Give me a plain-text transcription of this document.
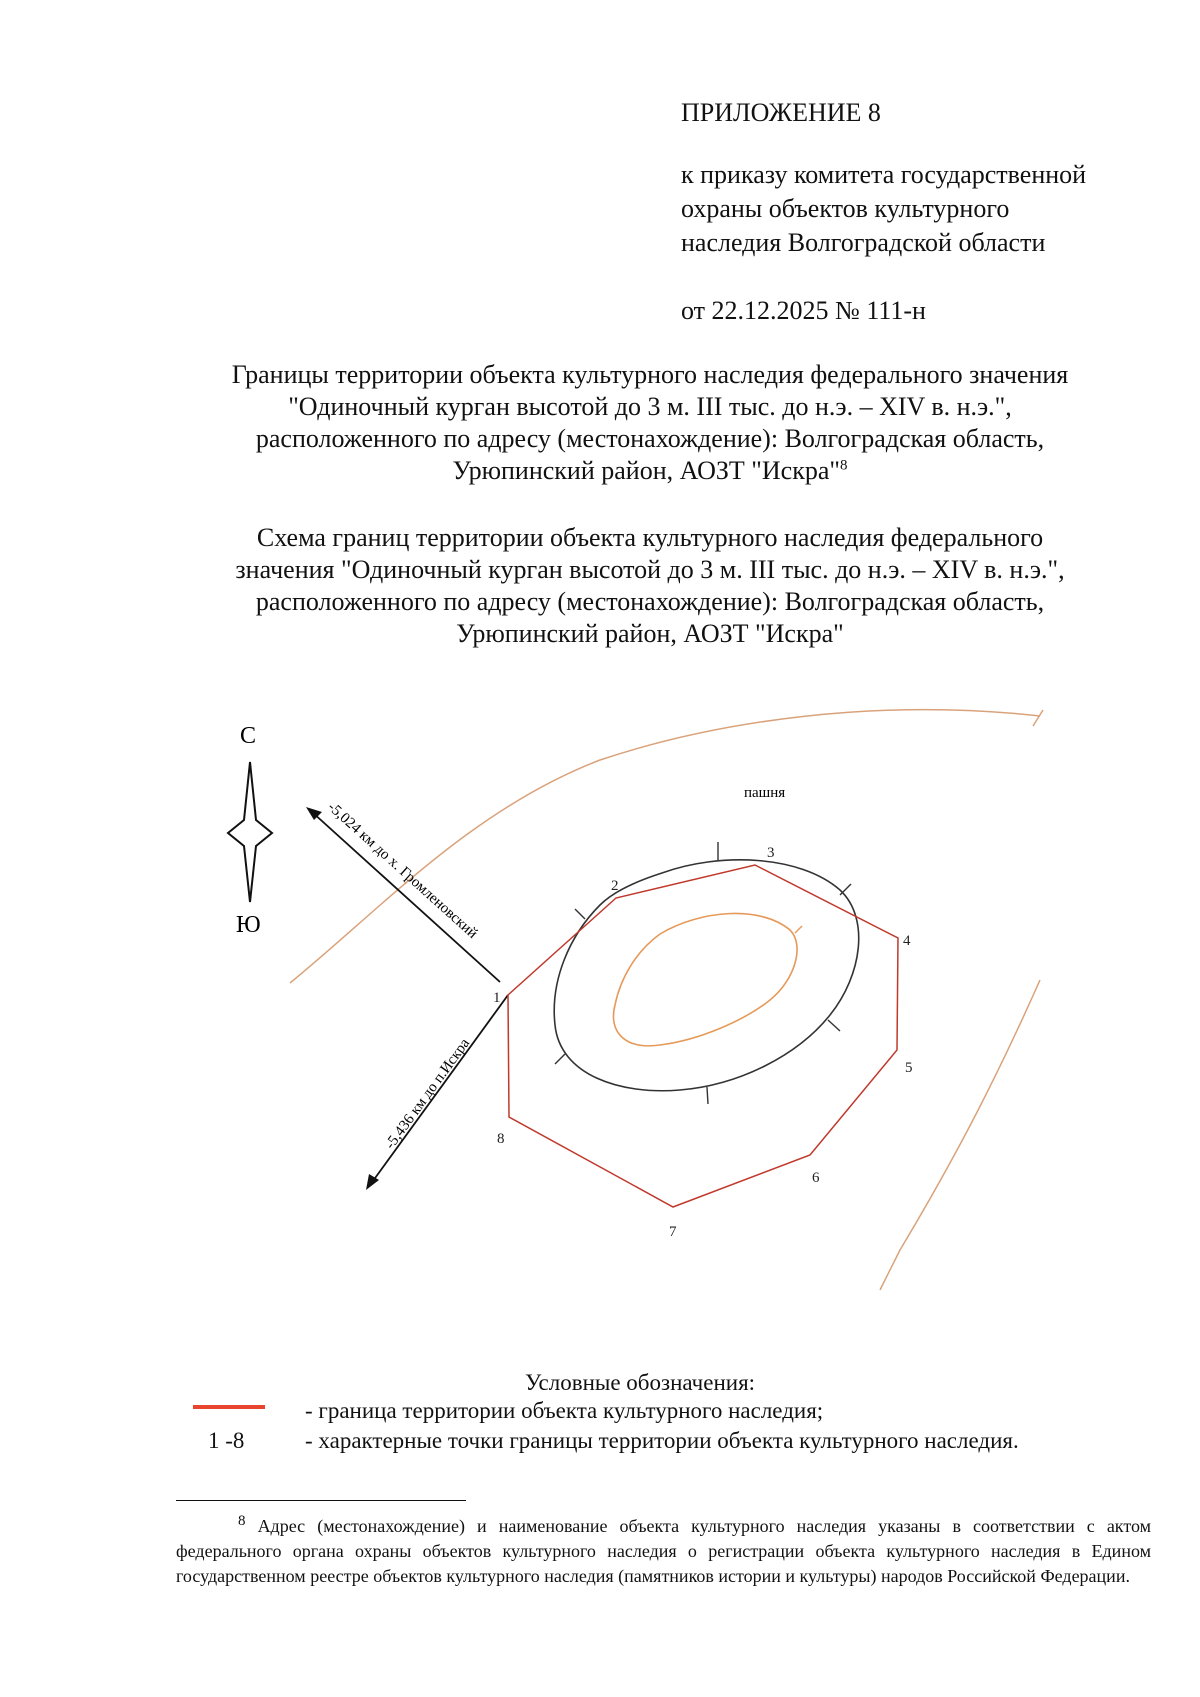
ПРИЛОЖЕНИЕ 8

к приказу комитета государственной

охраны объектов культурного

наследия Волгоградской области

от 22.12.2025 № 111-н

Границы территории объекта культурного наследия федерального значения

"Одиночный курган высотой до 3 м. III тыс. до н.э. – XIV в. н.э.",

расположенного по адресу (местонахождение): Волгоградская область,

Урюпинский район, АОЗТ "Искра"$^8$

Схема границ территории объекта культурного наследия федерального

значения "Одиночный курган высотой до 3 м. III тыс. до н.э. – XIV в. н.э.",

расположенного по адресу (местонахождение): Волгоградская область,

Урюпинский район, АОЗТ "Искра"

С
Ю
пашня
-5,024 км до х. Громленовский
-5,436 км до п.Искра
1
2
3
4
5
6
7
8
Условные обозначения:
- граница территории объекта культурного наследия;
1 -8	- характерные точки границы территории объекта культурного наследия.
$^8$ Адрес (местонахождение) и наименование объекта культурного наследия указаны в соответствии с актом федерального органа охраны объектов культурного наследия о регистрации объекта культурного наследия в Едином государственном реестре объектов культурного наследия (памятников истории и культуры) народов Российской Федерации.
